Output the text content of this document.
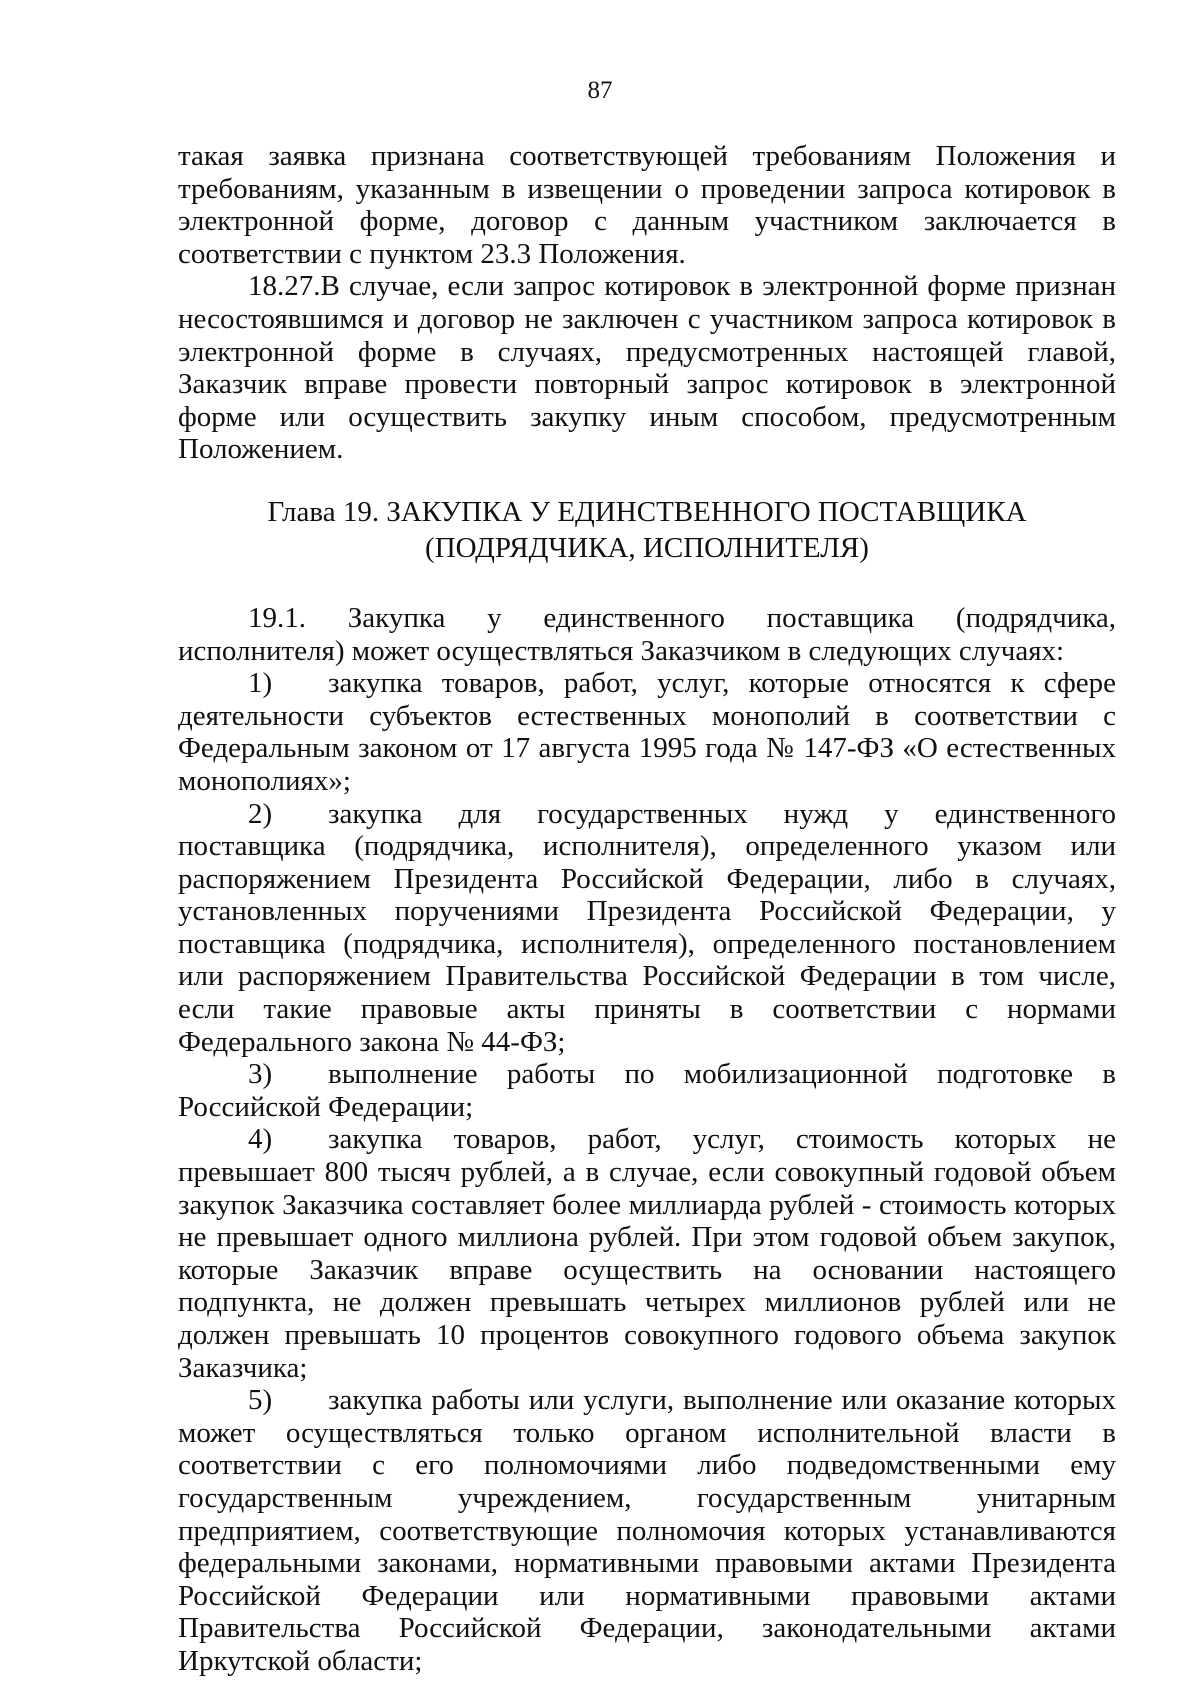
87

такая заявка признана соответствующей требованиям Положения и требованиям, указанным в извещении о проведении запроса котировок в электронной форме, договор с данным участником заключается в соответствии с пунктом 23.3 Положения.

18.27.В случае, если запрос котировок в электронной форме признан несостоявшимся и договор не заключен с участником запроса котировок в электронной форме в случаях, предусмотренных настоящей главой, Заказчик вправе провести повторный запрос котировок в электронной форме или осуществить закупку иным способом, предусмотренным Положением.

Глава 19. ЗАКУПКА У ЕДИНСТВЕННОГО ПОСТАВЩИКА
(ПОДРЯДЧИКА, ИСПОЛНИТЕЛЯ)

19.1. Закупка у единственного поставщика (подрядчика, исполнителя) может осуществляться Заказчиком в следующих случаях:

1) закупка товаров, работ, услуг, которые относятся к сфере деятельности субъектов естественных монополий в соответствии с Федеральным законом от 17 августа 1995 года № 147-ФЗ «О естественных монополиях»;

2) закупка для государственных нужд у единственного поставщика (подрядчика, исполнителя), определенного указом или распоряжением Президента Российской Федерации, либо в случаях, установленных поручениями Президента Российской Федерации, у поставщика (подрядчика, исполнителя), определенного постановлением или распоряжением Правительства Российской Федерации в том числе, если такие правовые акты приняты в соответствии с нормами Федерального закона № 44-ФЗ;

3) выполнение работы по мобилизационной подготовке в Российской Федерации;

4) закупка товаров, работ, услуг, стоимость которых не превышает 800 тысяч рублей, а в случае, если совокупный годовой объем закупок Заказчика составляет более миллиарда рублей - стоимость которых не превышает одного миллиона рублей. При этом годовой объем закупок, которые Заказчик вправе осуществить на основании настоящего подпункта, не должен превышать четырех миллионов рублей или не должен превышать 10 процентов совокупного годового объема закупок Заказчика;

5) закупка работы или услуги, выполнение или оказание которых может осуществляться только органом исполнительной власти в соответствии с его полномочиями либо подведомственными ему государственным учреждением, государственным унитарным предприятием, соответствующие полномочия которых устанавливаются федеральными законами, нормативными правовыми актами Президента Российской Федерации или нормативными правовыми актами Правительства Российской Федерации, законодательными актами Иркутской области;
